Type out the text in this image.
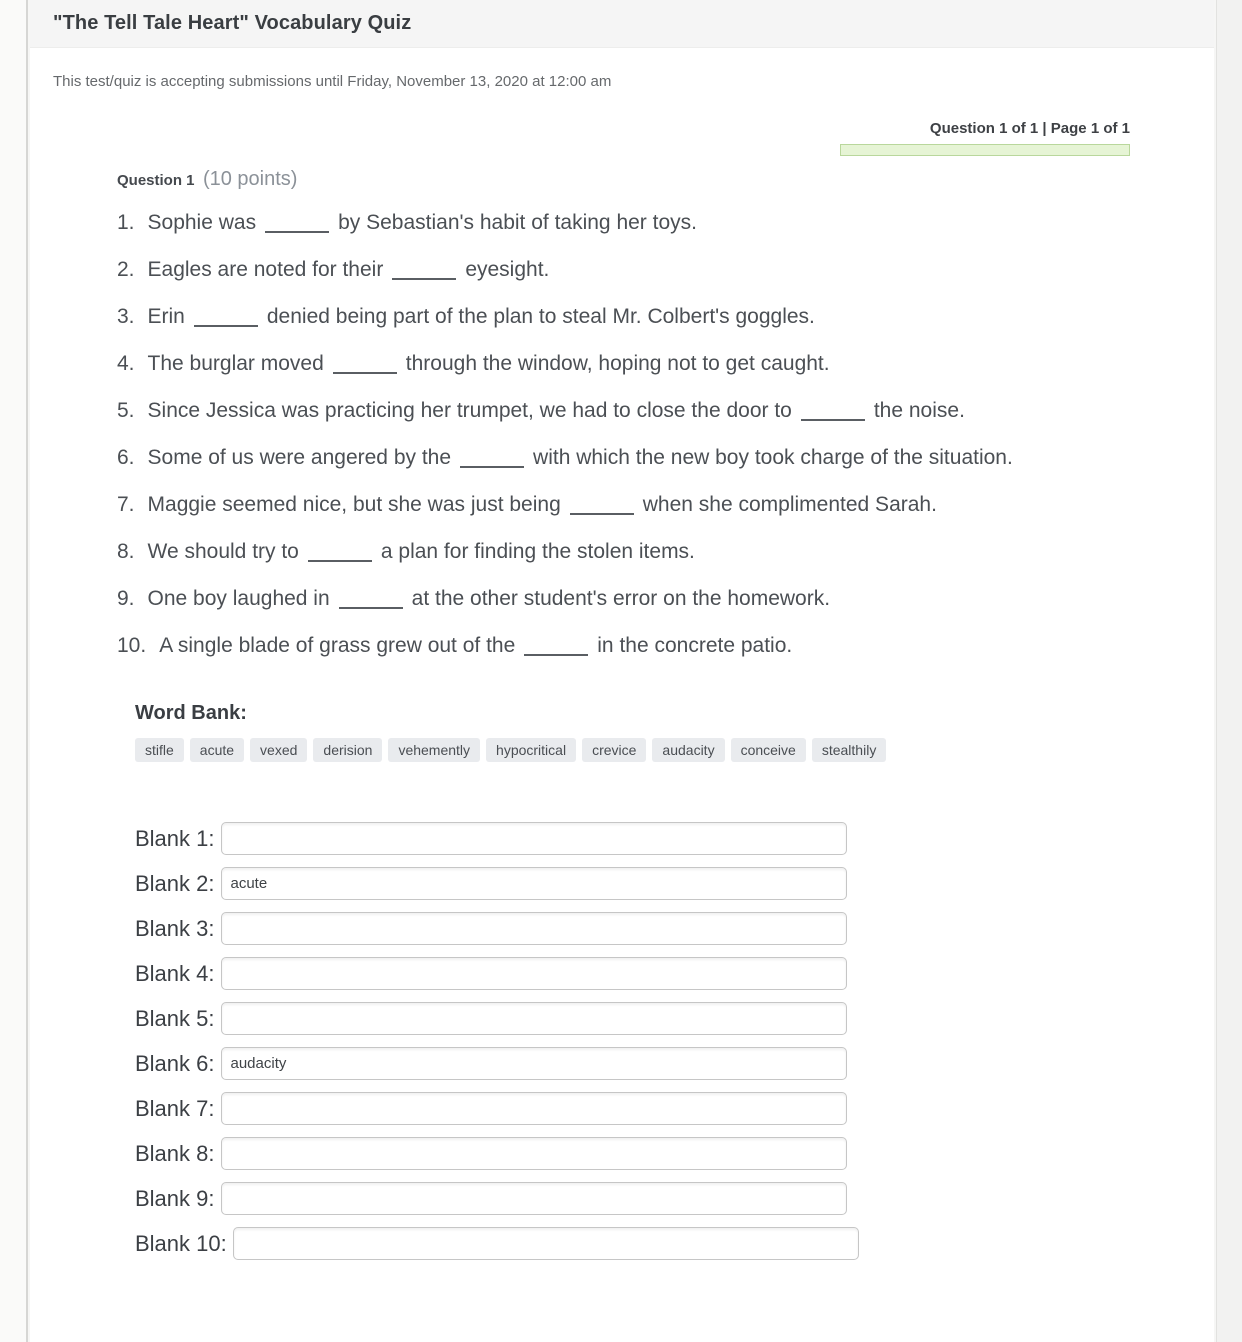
"The Tell Tale Heart" Vocabulary Quiz
This test/quiz is accepting submissions until Friday, November 13, 2020 at 12:00 am
Question 1 of 1 | Page 1 of 1
Question 1 (10 points)

1. Sophie was	by Sebastian's habit of taking her toys.

2. Eagles are noted for their	eyesight.

3. Erin	denied being part of the plan to steal Mr. Colbert's goggles.

4. The burglar moved	through the window, hoping not to get caught.

5. Since Jessica was practicing her trumpet, we had to close the door to	the noise.

6. Some of us were angered by the	with which the new boy took charge of the situation.

7. Maggie seemed nice, but she was just being	when she complimented Sarah.

8. We should try to	a plan for finding the stolen items.

9. One boy laughed in	at the other student's error on the homework.

10. A single blade of grass grew out of the	in the concrete patio.

Word Bank:
stifle	acute	vexed	derision	vehemently	hypocritical	crevice	audacity	conceive	stealthily
Blank 1:
Blank 2:
acute
Blank 3:
Blank 4:
Blank 5:
Blank 6:
audacity
Blank 7:
Blank 8:
Blank 9:
Blank 10:
